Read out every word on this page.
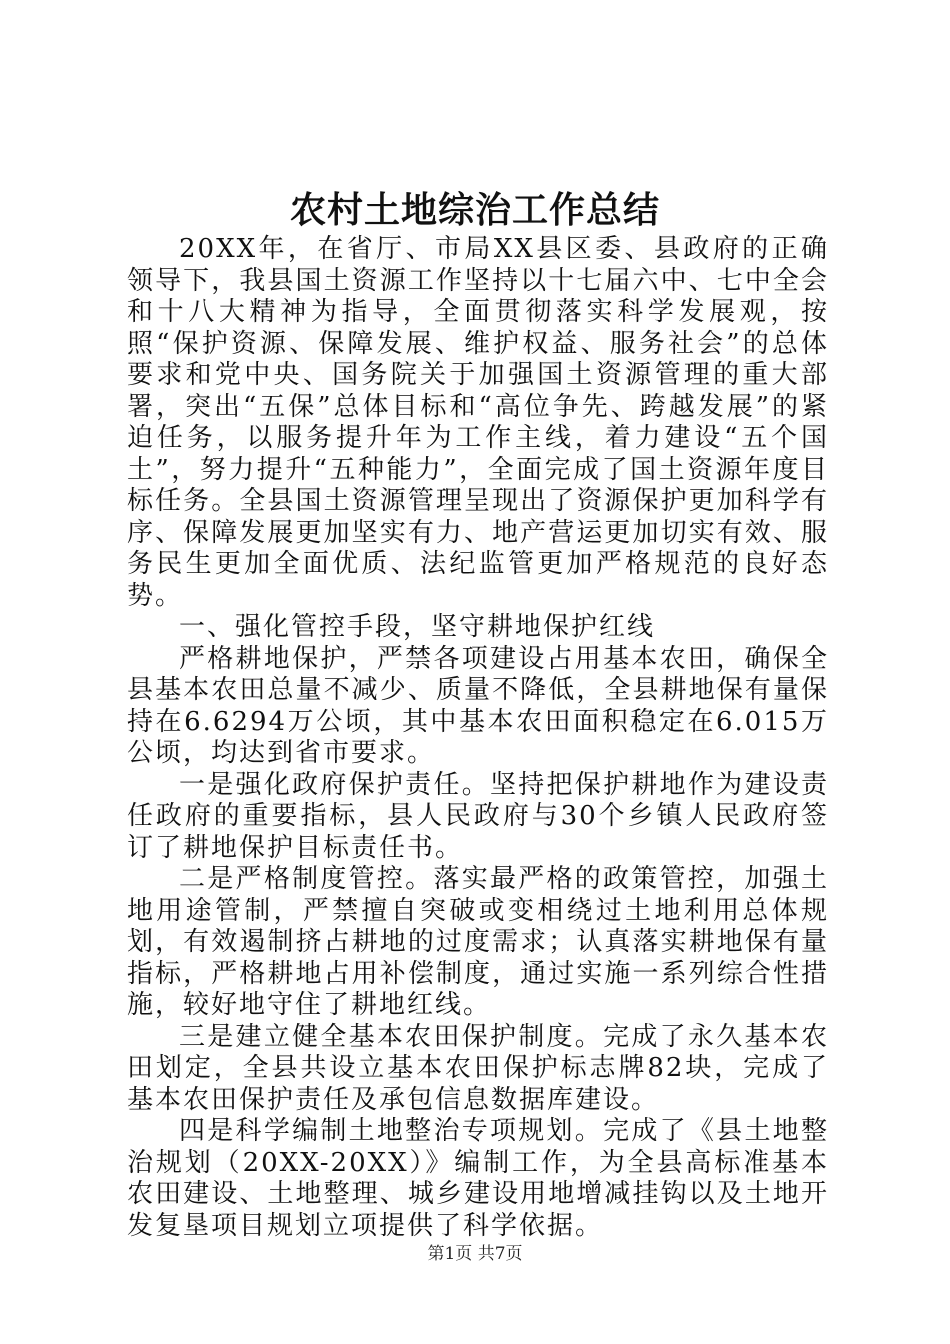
农村土地综治工作总结

20XX年，在省厅、市局XX县区委、县政府的正确领导下，我县国土资源工作坚持以十七届六中、七中全会和十八大精神为指导，全面贯彻落实科学发展观，按照“保护资源、保障发展、维护权益、服务社会”的总体要求和党中央、国务院关于加强国土资源管理的重大部署，突出“五保”总体目标和“高位争先、跨越发展”的紧迫任务，以服务提升年为工作主线，着力建设“五个国土”，努力提升“五种能力”，全面完成了国土资源年度目标任务。全县国土资源管理呈现出了资源保护更加科学有序、保障发展更加坚实有力、地产营运更加切实有效、服务民生更加全面优质、法纪监管更加严格规范的良好态势。

一、强化管控手段，坚守耕地保护红线

严格耕地保护，严禁各项建设占用基本农田，确保全县基本农田总量不减少、质量不降低，全县耕地保有量保持在6.6294万公顷，其中基本农田面积稳定在6.015万公顷，均达到省市要求。

一是强化政府保护责任。坚持把保护耕地作为建设责任政府的重要指标，县人民政府与30个乡镇人民政府签订了耕地保护目标责任书。

二是严格制度管控。落实最严格的政策管控，加强土地用途管制，严禁擅自突破或变相绕过土地利用总体规划，有效遏制挤占耕地的过度需求；认真落实耕地保有量指标，严格耕地占用补偿制度，通过实施一系列综合性措施，较好地守住了耕地红线。

三是建立健全基本农田保护制度。完成了永久基本农田划定，全县共设立基本农田保护标志牌82块，完成了基本农田保护责任及承包信息数据库建设。

四是科学编制土地整治专项规划。完成了《县土地整治规划（20XX-20XX）》编制工作，为全县高标准基本农田建设、土地整理、城乡建设用地增减挂钩以及土地开发复垦项目规划立项提供了科学依据。

第1页 共7页
